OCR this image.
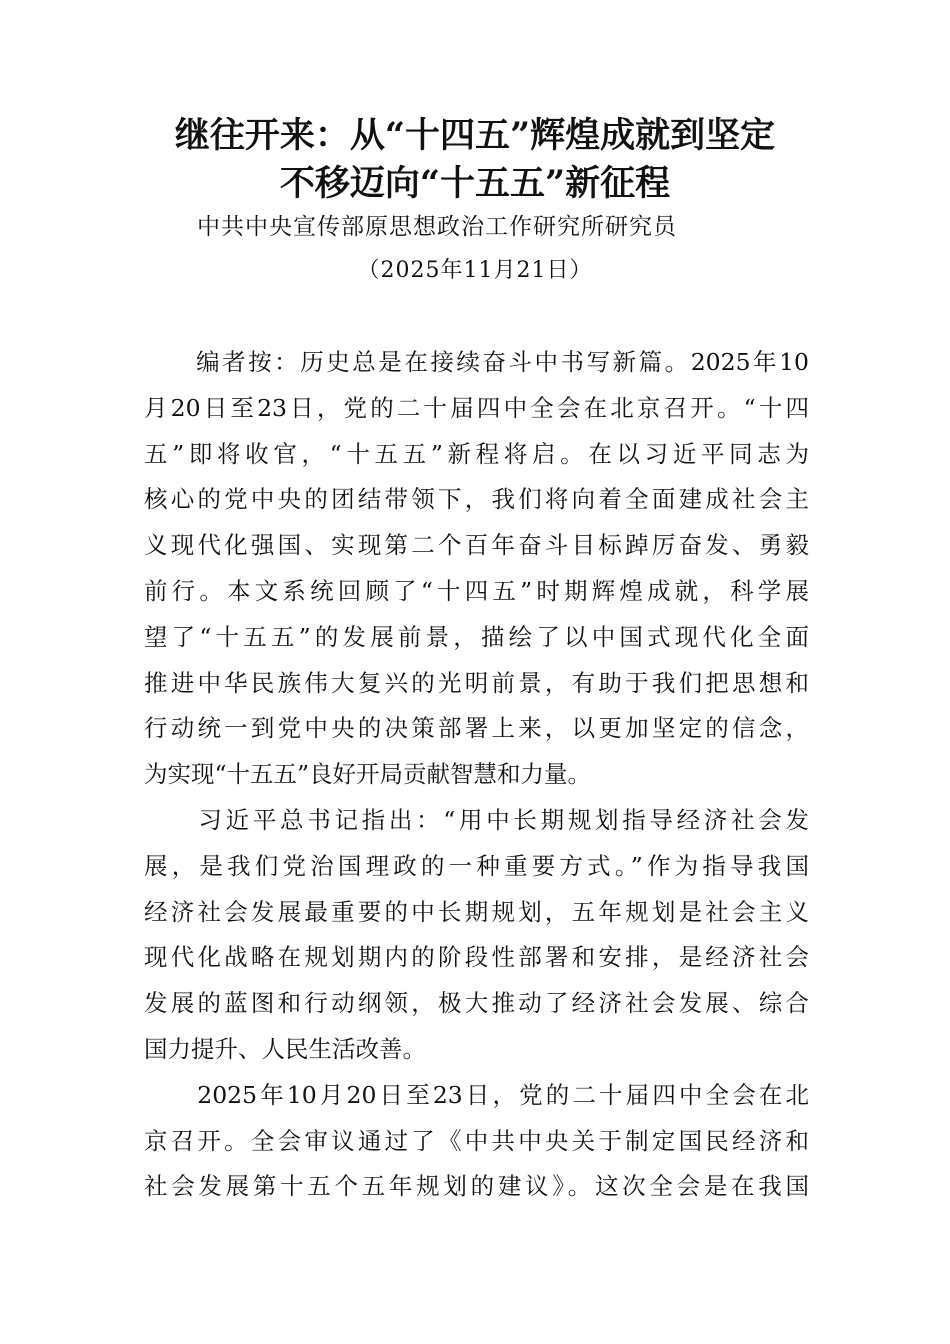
继往开来：从“十四五”辉煌成就到坚定
不移迈向“十五五”新征程
中共中央宣传部原思想政治工作研究所研究员
（2025年11月21日）
　　编者按：历史总是在接续奋斗中书写新篇。2025年10
月20日至23日，党的二十届四中全会在北京召开。“十四
五”即将收官，“十五五”新程将启。在以习近平同志为
核心的党中央的团结带领下，我们将向着全面建成社会主
义现代化强国、实现第二个百年奋斗目标踔厉奋发、勇毅
前行。本文系统回顾了“十四五”时期辉煌成就，科学展
望了“十五五”的发展前景，描绘了以中国式现代化全面
推进中华民族伟大复兴的光明前景，有助于我们把思想和
行动统一到党中央的决策部署上来，以更加坚定的信念，
为实现“十五五”良好开局贡献智慧和力量。
　　习近平总书记指出：“用中长期规划指导经济社会发
展，是我们党治国理政的一种重要方式。”作为指导我国
经济社会发展最重要的中长期规划，五年规划是社会主义
现代化战略在规划期内的阶段性部署和安排，是经济社会
发展的蓝图和行动纲领，极大推动了经济社会发展、综合
国力提升、人民生活改善。
　　2025年10月20日至23日，党的二十届四中全会在北
京召开。全会审议通过了《中共中央关于制定国民经济和
社会发展第十五个五年规划的建议》。这次全会是在我国
